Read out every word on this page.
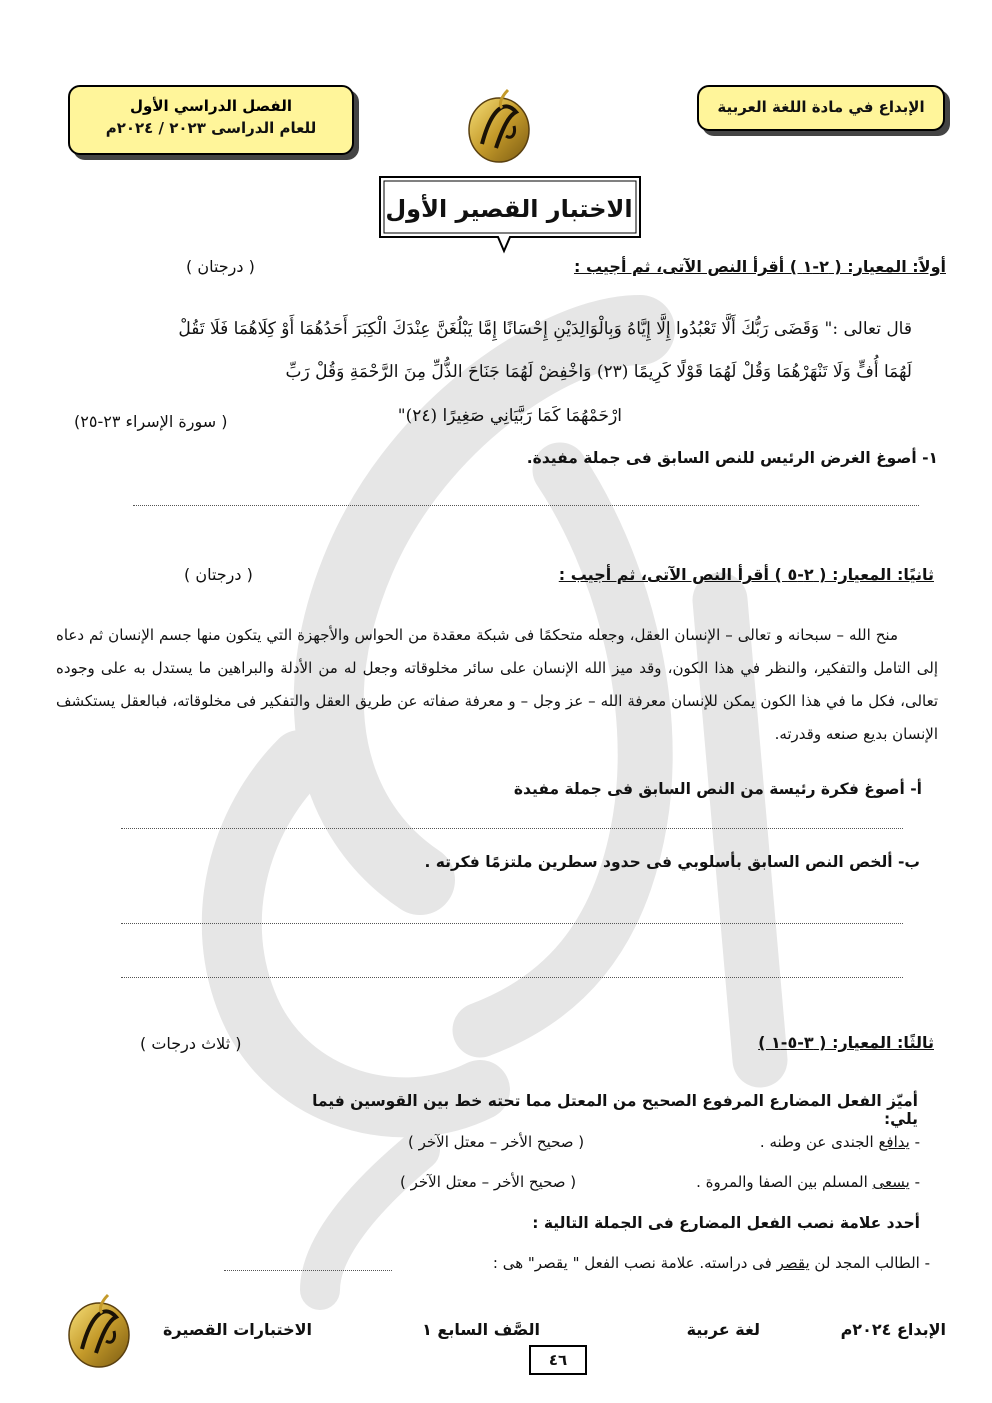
الإبداع في مادة اللغة العربية
الفصل الدراسي الأول
للعام الدراسى ٢٠٢٣ / ٢٠٢٤م
الاختبار القصير الأول
أولاً: المعيار: ( ٢-١ ) أقرأ النص الآتى، ثم أجيب :
( درجتان )
قال تعالى :" وَقَضَى رَبُّكَ أَلَّا تَعْبُدُوا إِلَّا إِيَّاهُ وَبِالْوَالِدَيْنِ إِحْسَانًا إِمَّا يَبْلُغَنَّ عِنْدَكَ الْكِبَرَ أَحَدُهُمَا أَوْ كِلَاهُمَا فَلَا تَقُلْ
لَهُمَا أُفٍّ وَلَا تَنْهَرْهُمَا وَقُلْ لَهُمَا قَوْلًا كَرِيمًا (٢٣) وَاخْفِضْ لَهُمَا جَنَاحَ الذُّلِّ مِنَ الرَّحْمَةِ وَقُلْ رَبِّ
ارْحَمْهُمَا كَمَا رَبَّيَانِي صَغِيرًا (٢٤)"
( سورة الإسراء ٢٣-٢٥)
١- أصوغ الغرض الرئيس للنص السابق فى جملة مفيدة.
ثانيًا: المعيار: ( ٢-٥ ) أقرأ النص الآتى، ثم أجيب :
( درجتان )
منح الله – سبحانه و تعالى – الإنسان العقل، وجعله متحكمًا فى شبكة معقدة من الحواس والأجهزة التي يتكون منها جسم الإنسان ثم دعاه إلى التامل والتفكير، والنظر في هذا الكون، وقد ميز الله الإنسان على سائر مخلوقاته وجعل له من الأدلة والبراهين ما يستدل به على وجوده تعالى، فكل ما في هذا الكون يمكن للإنسان معرفة الله – عز وجل – و معرفة صفاته عن طريق العقل والتفكير فى مخلوقاته، فبالعقل يستكشف الإنسان بديع صنعه وقدرته.
أ- أصوغ فكرة رئيسة من النص السابق فى جملة مفيدة
ب- ألخص النص السابق بأسلوبي فى حدود سطرين ملتزمًا فكرته .
ثالثًا: المعيار: ( ٣-٥-١ )
( ثلاث درجات )
أميّز الفعل المضارع المرفوع الصحيح من المعتل مما تحته خط بين القوسين فيما يلي:
- يدافع الجندى عن وطنه .
( صحيح الأخر – معتل الآخر )
- يسعى المسلم بين الصفا والمروة .
( صحيح الأخر – معتل الآخر )
أحدد علامة نصب الفعل المضارع فى الجملة التالية :
- الطالب المجد لن يقصر فى دراسته. علامة نصب الفعل " يقصر" هى :
الإبداع ٢٠٢٤م
لغة عربية
الصَّف السابع ١
الاختبارات القصيرة
٤٦
